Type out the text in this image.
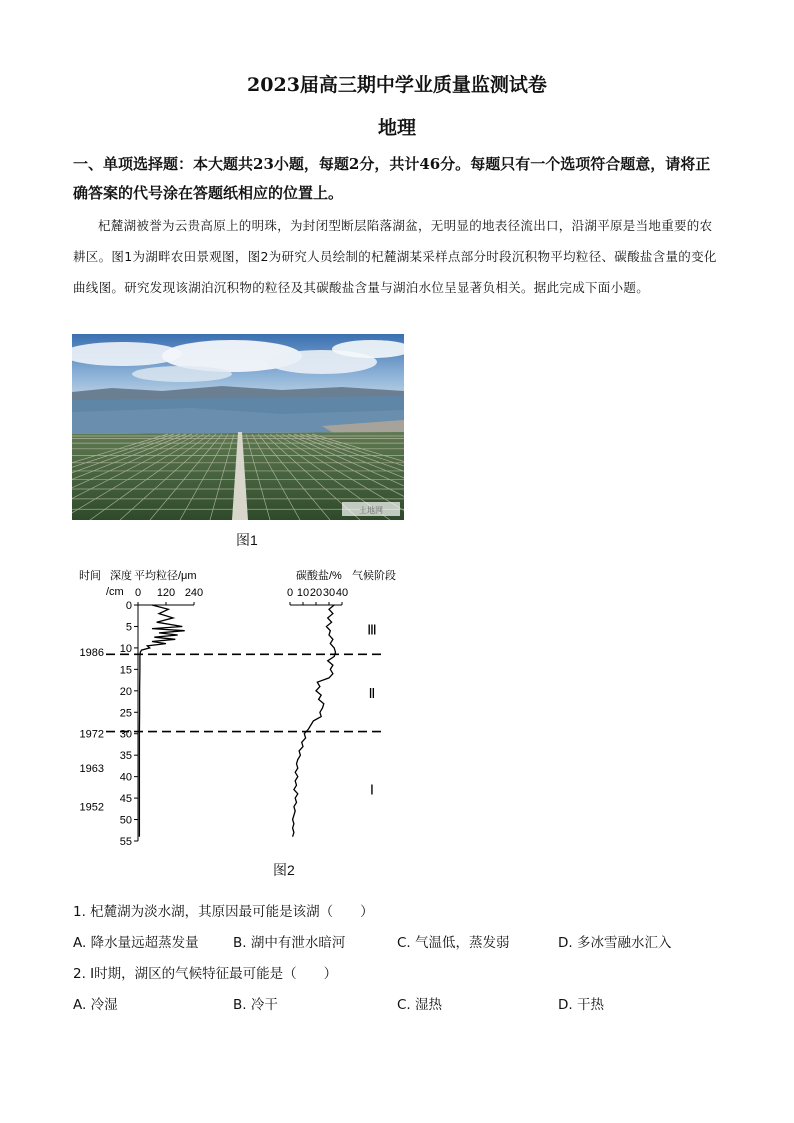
2023届高三期中学业质量监测试卷
地理
一、单项选择题：本大题共23小题，每题2分，共计46分。每题只有一个选项符合题意，请将正确答案的代号涂在答题纸相应的位置上。
杞麓湖被誉为云贵高原上的明珠，为封闭型断层陷落湖盆，无明显的地表径流出口，沿湖平原是当地重要的农耕区。图1为湖畔农田景观图，图2为研究人员绘制的杞麓湖某采样点部分时段沉积物平均粒径、碳酸盐含量的变化曲线图。研究发现该湖泊沉积物的粒径及其碳酸盐含量与湖泊水位呈显著负相关。据此完成下面小题。
土地网
图1
时间 深度 平均粒径/μm
/cm
碳酸盐/% 气候阶段
0
5
10
15
20
25
30
35
40
45
50
55
0 120 240	0 10 20 30 40
1986
1972
1963
1952
Ⅲ
Ⅱ
Ⅰ
图2
1. 杞麓湖为淡水湖，其原因最可能是该湖（　　）
A. 降水量远超蒸发量	B. 湖中有泄水暗河	C. 气温低，蒸发弱	D. 多冰雪融水汇入
2. Ⅰ时期，湖区的气候特征最可能是（　　）
A. 冷湿	B. 冷干	C. 湿热	D. 干热
